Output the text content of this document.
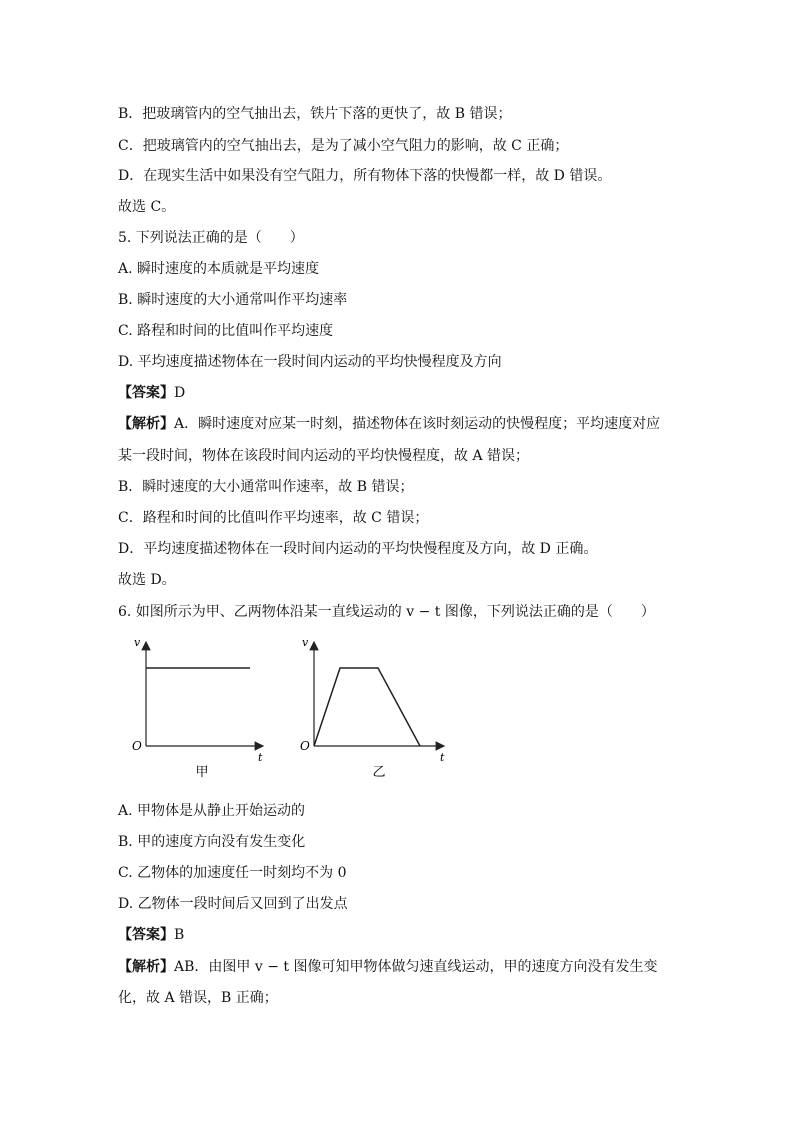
B．把玻璃管内的空气抽出去，铁片下落的更快了，故 B 错误；
C．把玻璃管内的空气抽出去，是为了减小空气阻力的影响，故 C 正确；
D．在现实生活中如果没有空气阻力，所有物体下落的快慢都一样，故 D 错误。
故选 C。
5. 下列说法正确的是（　　）
A. 瞬时速度的本质就是平均速度
B. 瞬时速度的大小通常叫作平均速率
C. 路程和时间的比值叫作平均速度
D. 平均速度描述物体在一段时间内运动的平均快慢程度及方向
【答案】D
【解析】A．瞬时速度对应某一时刻，描述物体在该时刻运动的快慢程度；平均速度对应
某一段时间，物体在该段时间内运动的平均快慢程度，故 A 错误；
B．瞬时速度的大小通常叫作速率，故 B 错误；
C．路程和时间的比值叫作平均速率，故 C 错误；
D．平均速度描述物体在一段时间内运动的平均快慢程度及方向，故 D 正确。
故选 D。
6. 如图所示为甲、乙两物体沿某一直线运动的 v − t 图像，下列说法正确的是（　　）
v
t
O
甲
v
t
O
乙
A. 甲物体是从静止开始运动的
B. 甲的速度方向没有发生变化
C. 乙物体的加速度任一时刻均不为 0
D. 乙物体一段时间后又回到了出发点
【答案】B
【解析】AB．由图甲 v − t 图像可知甲物体做匀速直线运动，甲的速度方向没有发生变
化，故 A 错误，B 正确；
